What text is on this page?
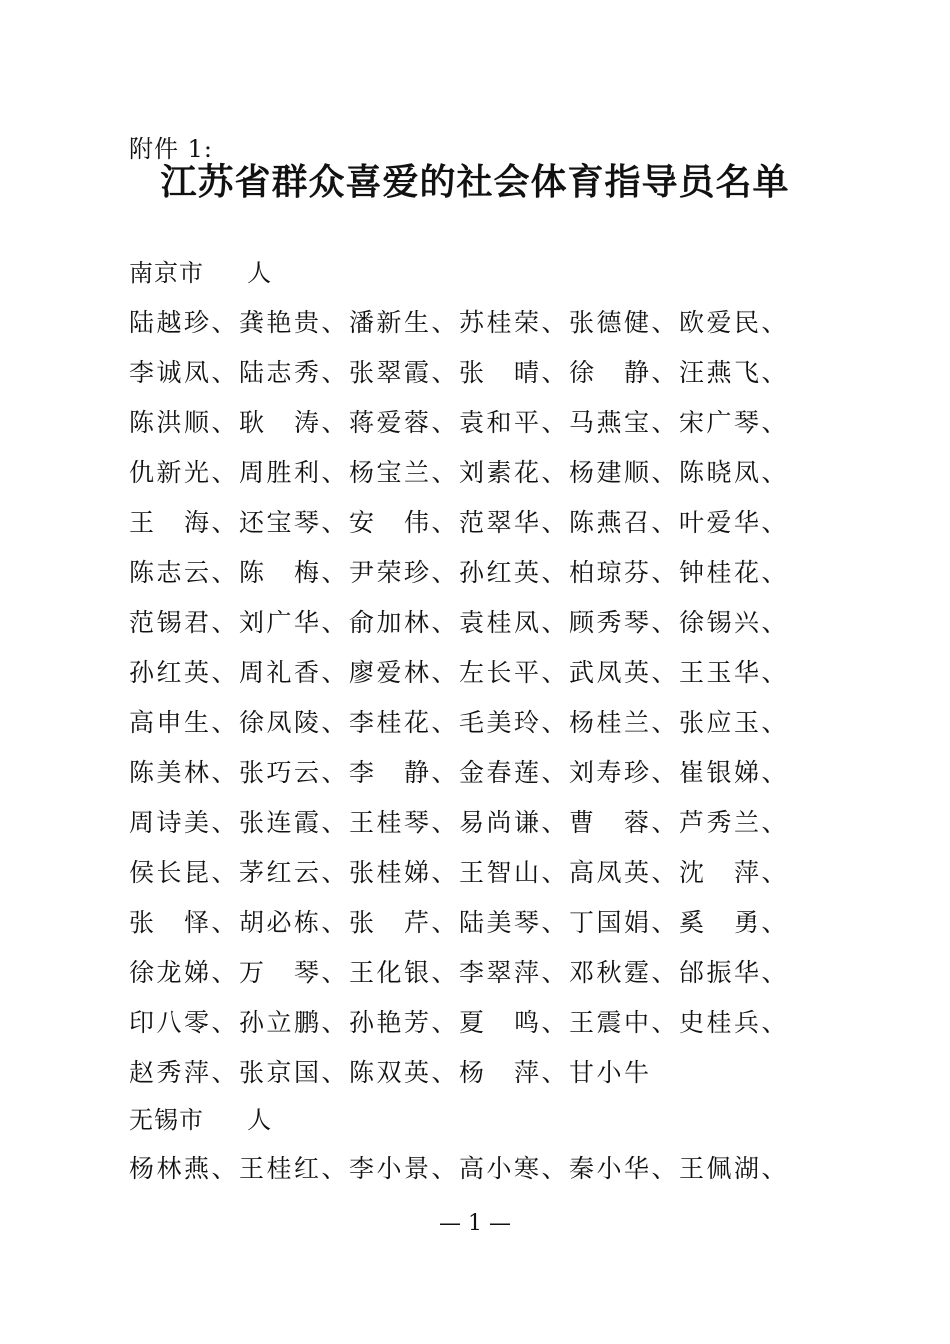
附件 1:
江苏省群众喜爱的社会体育指导员名单
南京市     人
陆越珍、龚艳贵、潘新生、苏桂荣、张德健、欧爱民、
李诚凤、陆志秀、张翠霞、张　晴、徐　静、汪燕飞、
陈洪顺、耿　涛、蒋爱蓉、袁和平、马燕宝、宋广琴、
仇新光、周胜利、杨宝兰、刘素花、杨建顺、陈晓凤、
王　海、还宝琴、安　伟、范翠华、陈燕召、叶爱华、
陈志云、陈　梅、尹荣珍、孙红英、柏琼芬、钟桂花、
范锡君、刘广华、俞加林、袁桂凤、顾秀琴、徐锡兴、
孙红英、周礼香、廖爱林、左长平、武凤英、王玉华、
高申生、徐凤陵、李桂花、毛美玲、杨桂兰、张应玉、
陈美林、张巧云、李　静、金春莲、刘寿珍、崔银娣、
周诗美、张连霞、王桂琴、易尚谦、曹　蓉、芦秀兰、
侯长昆、茅红云、张桂娣、王智山、高凤英、沈　萍、
张　怿、胡必栋、张　芹、陆美琴、丁国娟、奚　勇、
徐龙娣、万　琴、王化银、李翠萍、邓秋霆、邰振华、
印八零、孙立鹏、孙艳芳、夏　鸣、王震中、史桂兵、
赵秀萍、张京国、陈双英、杨　萍、甘小牛
无锡市     人
杨林燕、王桂红、李小景、高小寒、秦小华、王佩湖、
— 1 —
